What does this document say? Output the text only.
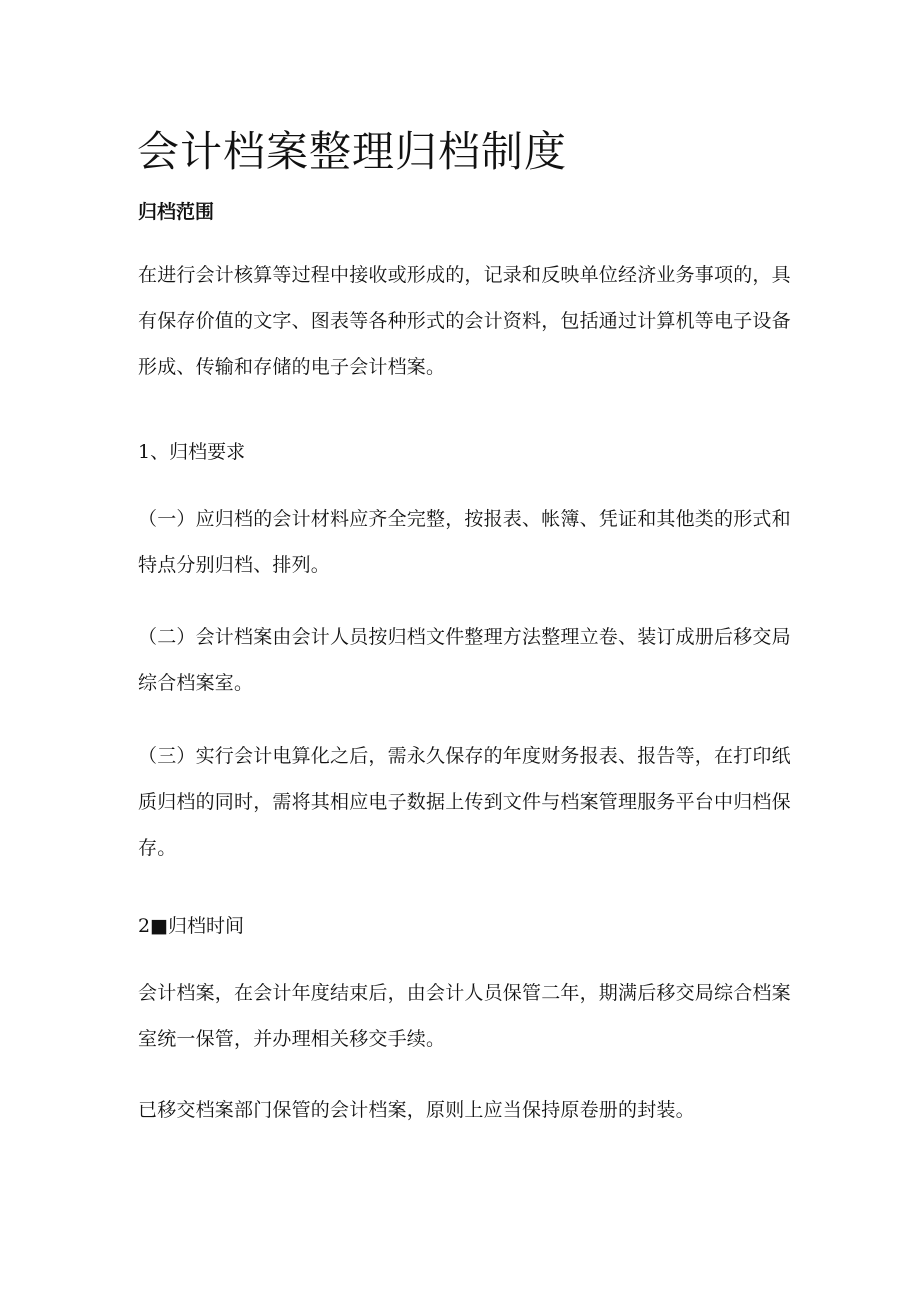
会计档案整理归档制度
归档范围

在进行会计核算等过程中接收或形成的，记录和反映单位经济业务事项的，具有保存价值的文字、图表等各种形式的会计资料，包括通过计算机等电子设备形成、传输和存储的电子会计档案。

1、归档要求

（一）应归档的会计材料应齐全完整，按报表、帐簿、凭证和其他类的形式和特点分别归档、排列。

（二）会计档案由会计人员按归档文件整理方法整理立卷、装订成册后移交局综合档案室。

（三）实行会计电算化之后，需永久保存的年度财务报表、报告等，在打印纸质归档的同时，需将其相应电子数据上传到文件与档案管理服务平台中归档保存。

2■归档时间

会计档案，在会计年度结束后，由会计人员保管二年，期满后移交局综合档案室统一保管，并办理相关移交手续。

已移交档案部门保管的会计档案，原则上应当保持原卷册的封装。
